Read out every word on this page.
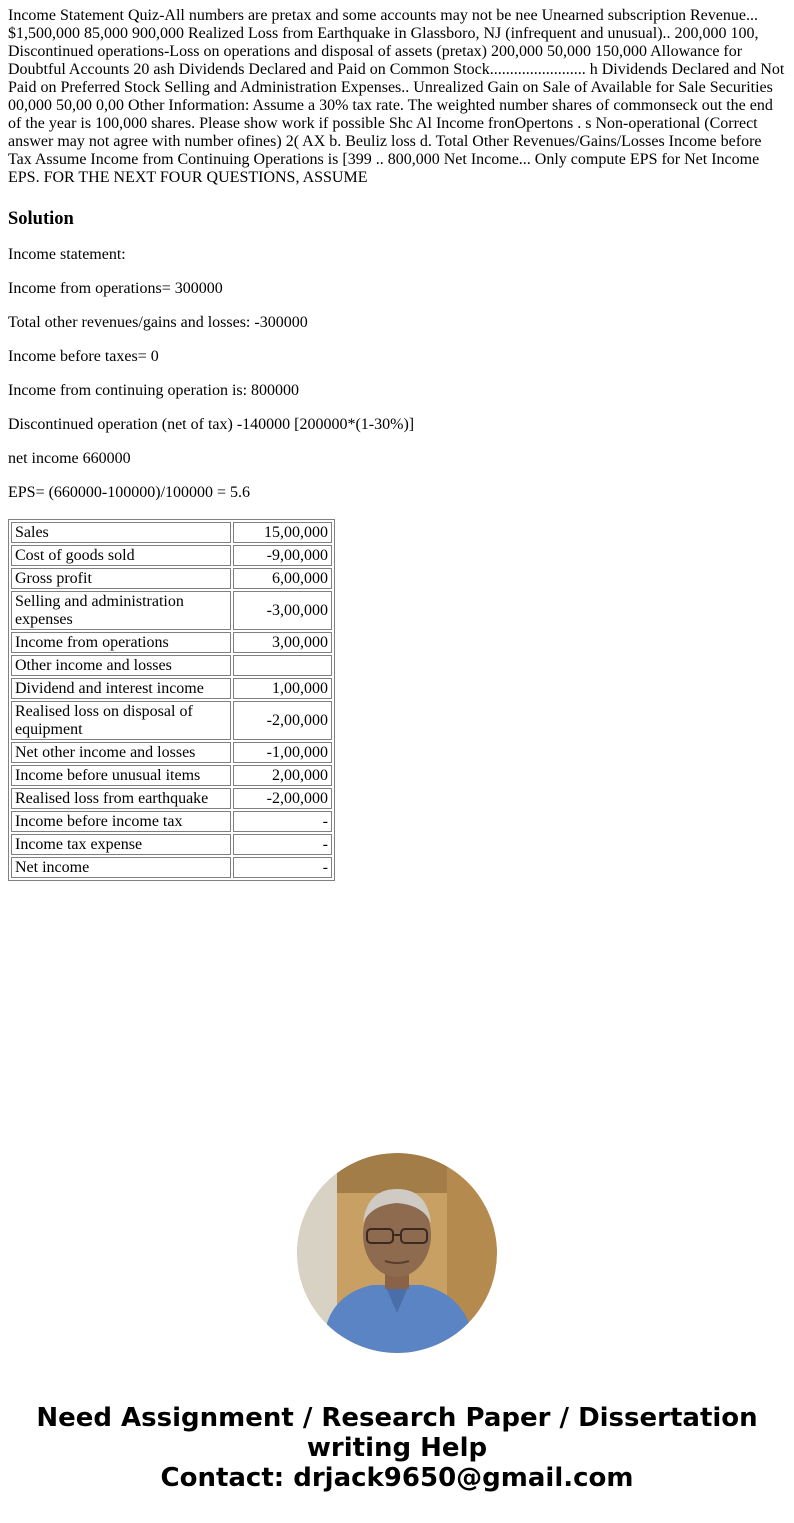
Income Statement Quiz-All numbers are pretax and some accounts may not be nee Unearned subscription Revenue... $1,500,000 85,000 900,000 Realized Loss from Earthquake in Glassboro, NJ (infrequent and unusual).. 200,000 100, Discontinued operations-Loss on operations and disposal of assets (pretax) 200,000 50,000 150,000 Allowance for Doubtful Accounts 20 ash Dividends Declared and Paid on Common Stock........................ h Dividends Declared and Not Paid on Preferred Stock Selling and Administration Expenses.. Unrealized Gain on Sale of Available for Sale Securities 00,000 50,00 0,00 Other Information: Assume a 30% tax rate. The weighted number shares of commonseck out the end of the year is 100,000 shares. Please show work if possible Shc Al Income fronOpertons . s Non-operational (Correct answer may not agree with number ofines) 2( AX b. Beuliz loss d. Total Other Revenues/Gains/Losses Income before Tax Assume Income from Continuing Operations is [399 .. 800,000 Net Income... Only compute EPS for Net Income EPS. FOR THE NEXT FOUR QUESTIONS, ASSUME

Solution

Income statement:

Income from operations= 300000

Total other revenues/gains and losses: -300000

Income before taxes= 0

Income from continuing operation is: 800000

Discontinued operation (net of tax) -140000 [200000*(1-30%)]

net income 660000

EPS= (660000-100000)/100000 = 5.6

Sales	15,00,000
Cost of goods sold	-9,00,000
Gross profit	6,00,000
Selling and administration expenses	-3,00,000
Income from operations	3,00,000
Other income and losses	
Dividend and interest income	1,00,000
Realised loss on disposal of equipment	-2,00,000
Net other income and losses	-1,00,000
Income before unusual items	2,00,000
Realised loss from earthquake	-2,00,000
Income before income tax	-
Income tax expense	-
Net income	-
Need Assignment / Research Paper / Dissertation
writing Help
Contact: drjack9650@gmail.com
